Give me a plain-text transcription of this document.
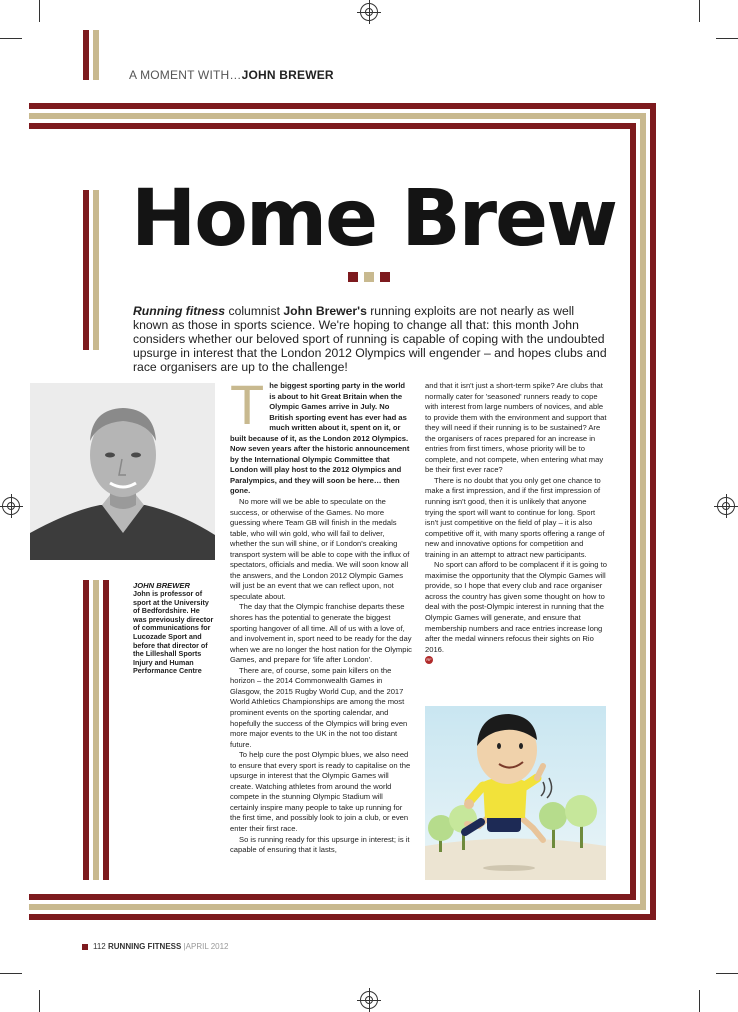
A MOMENT WITH…JOHN BREWER
Home Brew
Running fitness columnist John Brewer's running exploits are not nearly as well known as those in sports science. We're hoping to change all that: this month John considers whether our beloved sport of running is capable of coping with the undoubted upsurge in interest that the London 2012 Olympics will engender – and hopes clubs and race organisers are up to the challenge!
JOHN BREWER
John is professor of sport at the University of Bedfordshire. He was previously director of communications for Lucozade Sport and before that director of the Lilleshall Sports Injury and Human Performance Centre
T he biggest sporting party in the world is about to hit Great Britain when the Olympic Games arrive in July. No British sporting event has ever had as much written about it, spent on it, or built because of it, as the London 2012 Olympics. Now seven years after the historic announcement by the International Olympic Committee that London will play host to the 2012 Olympics and Paralympics, and they will soon be here… then gone.

No more will we be able to speculate on the success, or otherwise of the Games. No more guessing where Team GB will finish in the medals table, who will win gold, who will fail to deliver, whether the sun will shine, or if London's creaking transport system will be able to cope with the influx of spectators, officials and media. We will soon know all the answers, and the London 2012 Olympic Games will just be an event that we can reflect upon, not speculate about.

The day that the Olympic franchise departs these shores has the potential to generate the biggest sporting hangover of all time. All of us with a love of, and involvement in, sport need to be ready for the day when we are no longer the host nation for the Olympic Games, and prepare for 'life after London'.

There are, of course, some pain killers on the horizon – the 2014 Commonwealth Games in Glasgow, the 2015 Rugby World Cup, and the 2017 World Athletics Championships are among the most prominent events on the sporting calendar, and hopefully the success of the Olympics will bring even more major events to the UK in the not too distant future.

To help cure the post Olympic blues, we also need to ensure that every sport is ready to capitalise on the upsurge in interest that the Olympic Games will create. Watching athletes from around the world compete in the stunning Olympic Stadium will certainly inspire many people to take up running for the first time, and possibly look to join a club, or even enter their first race.

So is running ready for this upsurge in interest; is it capable of ensuring that it lasts,

and that it isn't just a short-term spike? Are clubs that normally cater for 'seasoned' runners ready to cope with interest from large numbers of novices, and able to provide them with the environment and support that they will need if their running is to be sustained? Are the organisers of races prepared for an increase in entries from first timers, whose priority will be to complete, and not compete, when entering what may be their first ever race?

There is no doubt that you only get one chance to make a first impression, and if the first impression of running isn't good, then it is unlikely that anyone trying the sport will want to continue for long. Sport isn't just competitive on the field of play – it is also competitive off it, with many sports offering a range of new and innovative options for competition and training in an attempt to attract new participants.

No sport can afford to be complacent if it is going to maximise the opportunity that the Olympic Games will provide, so I hope that every club and race organiser across the country has given some thought on how to deal with the post-Olympic interest in running that the Olympic Games will generate, and ensure that membership numbers and race entries increase long after the medal winners refocus their sights on Rio 2016.

RF
112 RUNNING FITNESS |APRIL 2012
